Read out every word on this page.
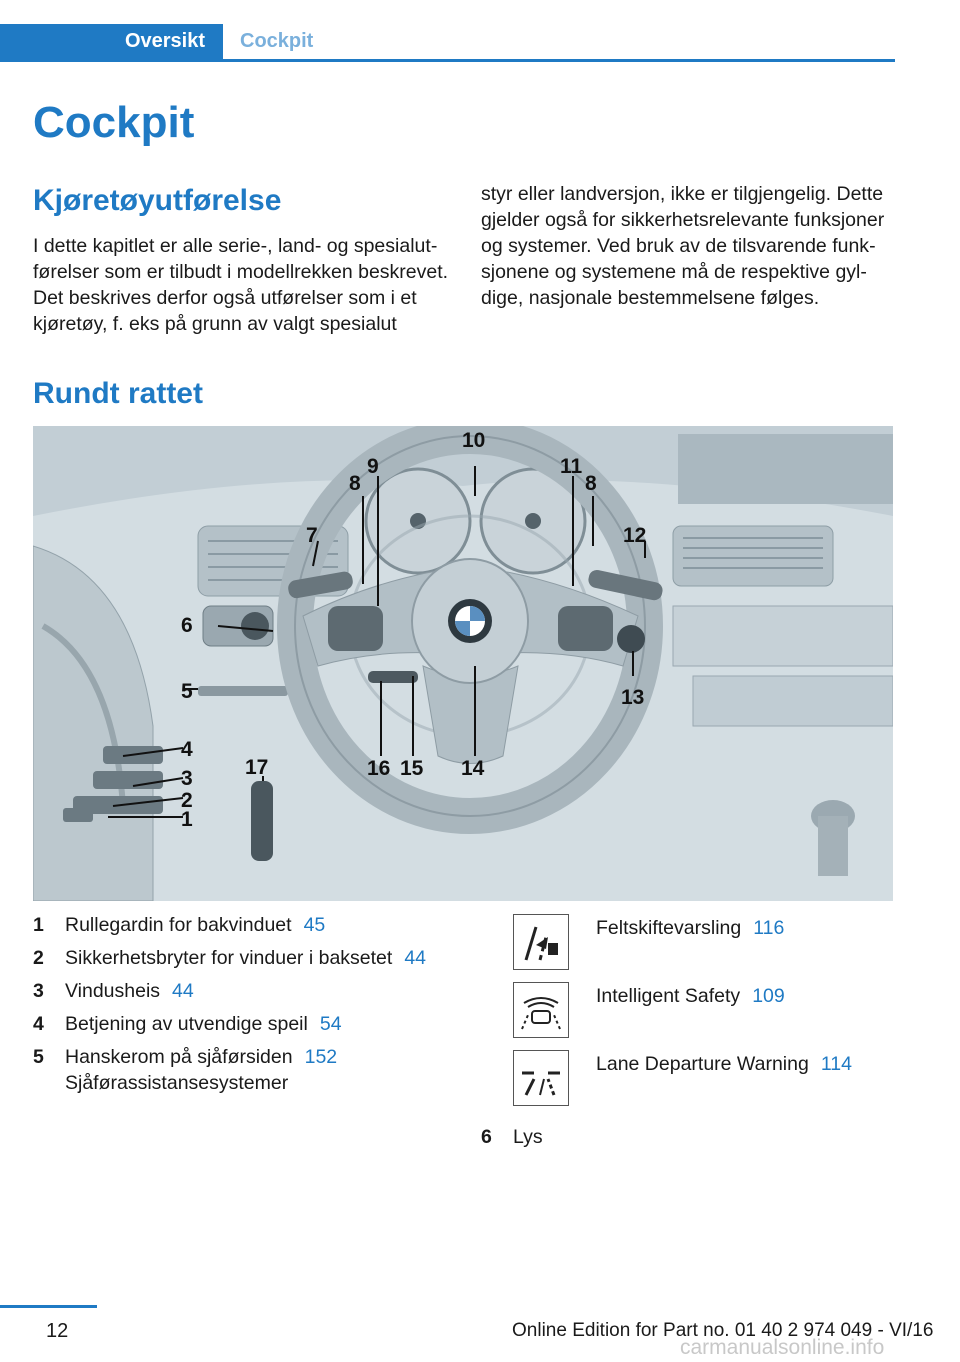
Oversikt	Cockpit
Cockpit
Kjøretøyutførelse

I dette kapitlet er alle serie-, land- og spesialutførelser som er tilbudt i modellrekken beskrevet. Det beskrives derfor også utførelser som i et kjøretøy, f. eks på grunn av valgt spesialut

styr eller landversjon, ikke er tilgjengelig. Dette gjelder også for sikkerhetsrelevante funksjoner og systemer. Ved bruk av de tilsvarende funksjonene og systemene må de respektive gyldige, nasjonale bestemmelsene følges.

Rundt rattet
1
2
3
4
5
6
7
8
9
10
11
8
12
13
14
15
16
17
1	Rullegardin for bakvinduet 45
2	Sikkerhetsbryter for vinduer i baksetet 44
3	Vindusheis 44
4	Betjening av utvendige speil 54
5	Hanskerom på sjåførsiden 152
Sjåførassistansesystemer
Feltskiftevarsling 116
Intelligent Safety 109
Lane Departure Warning 114
6	Lys
12	Online Edition for Part no. 01 40 2 974 049 - VI/16
carmanualsonline.info
